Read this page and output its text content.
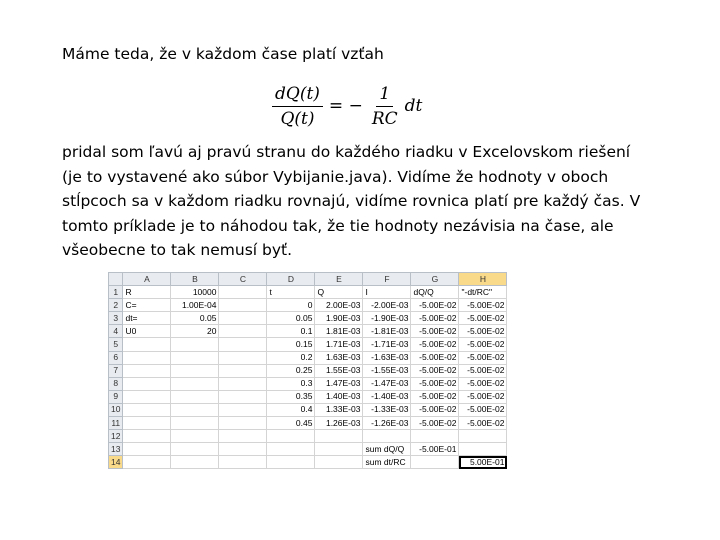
Máme teda, že v každom čase platí vzťah
$\frac{dQ(t)}{Q(t)}$ = − $\frac{1}{RC}$ dt
pridal som ľavú aj pravú stranu do každého riadku v Excelovskom riešení
(je to vystavené ako súbor Vybijanie.java). Vidíme že hodnoty v oboch
stĺpcoch sa v každom riadku rovnajú, vidíme rovnica platí pre každý čas. V
tomto príklade je to náhodou tak, že tie hodnoty nezávisia na čase, ale
všeobecne to tak nemusí byť.
	A	B	C	D	E	F	G	H
1	R	10000		t	Q	I	dQ/Q	"-dt/RC"
2	C=	1.00E-04		0	2.00E-03	-2.00E-03	-5.00E-02	-5.00E-02
3	dt=	0.05		0.05	1.90E-03	-1.90E-03	-5.00E-02	-5.00E-02
4	U0	20		0.1	1.81E-03	-1.81E-03	-5.00E-02	-5.00E-02
5				0.15	1.71E-03	-1.71E-03	-5.00E-02	-5.00E-02
6				0.2	1.63E-03	-1.63E-03	-5.00E-02	-5.00E-02
7				0.25	1.55E-03	-1.55E-03	-5.00E-02	-5.00E-02
8				0.3	1.47E-03	-1.47E-03	-5.00E-02	-5.00E-02
9				0.35	1.40E-03	-1.40E-03	-5.00E-02	-5.00E-02
10				0.4	1.33E-03	-1.33E-03	-5.00E-02	-5.00E-02
11				0.45	1.26E-03	-1.26E-03	-5.00E-02	-5.00E-02
12								
13						sum dQ/Q	-5.00E-01	
14						sum dt/RC		5.00E-01
